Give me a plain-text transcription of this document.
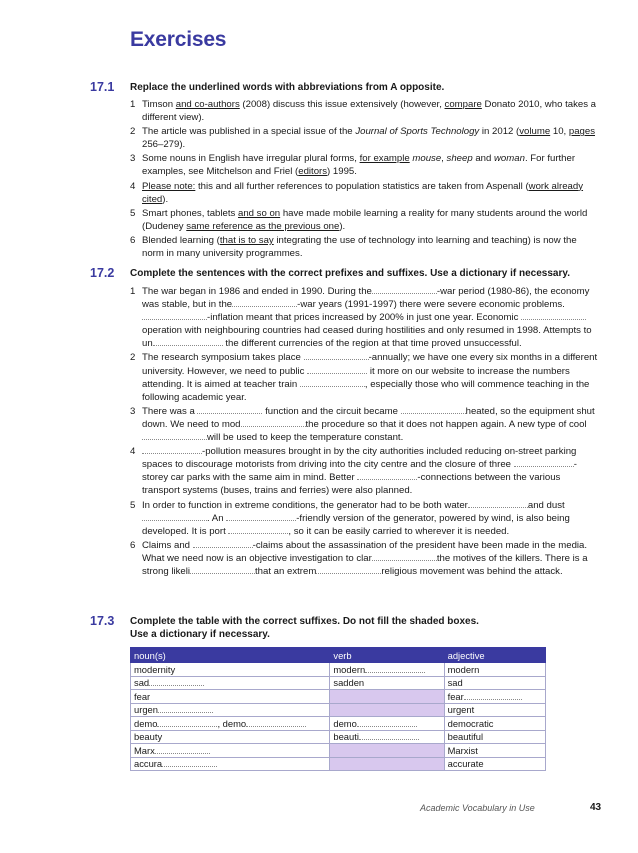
Exercises
17.1 Replace the underlined words with abbreviations from A opposite.
1 Timson and co-authors (2008) discuss this issue extensively (however, compare Donato 2010, who takes a different view).
2 The article was published in a special issue of the Journal of Sports Technology in 2012 (volume 10, pages 256–279).
3 Some nouns in English have irregular plural forms, for example mouse, sheep and woman. For further examples, see Mitchelson and Friel (editors) 1995.
4 Please note: this and all further references to population statistics are taken from Aspenall (work already cited).
5 Smart phones, tablets and so on have made mobile learning a reality for many students around the world (Dudeney same reference as the previous one).
6 Blended learning (that is to say integrating the use of technology into learning and teaching) is now the norm in many university programmes.
17.2 Complete the sentences with the correct prefixes and suffixes. Use a dictionary if necessary.
1 The war began in 1986 and ended in 1990. During the	-war period (1980-86), the economy was stable, but in the	-war years (1991-1997) there were severe economic problems.-inflation meant that prices increased by 200% in just one year. Economic  operation with neighbouring countries had ceased during hostilities and only resumed in 1998. Attempts to un	the different currencies of the region at that time proved unsuccessful.
2 The research symposium takes place	-annually; we have one every six months in a different university. However, we need to public	it more on our website to increase the numbers attending. It is aimed at teacher train	, especially those who will commence teaching in the following academic year.
3 There was a	function and the circuit became	heated, so the equipment shut down. We need to mod	the procedure so that it does not happen again. A new type of cool will be used to keep the temperature constant.
4	-pollution measures brought in by the city authorities included reducing on-street parking spaces to discourage motorists from driving into the city centre and the closure of three	-storey car parks with the same aim in mind. Better	-connections between the various transport systems (buses, trains and ferries) were also planned.
5 In order to function in extreme conditions, the generator had to be both water	and dust. An	-friendly version of the generator, powered by wind, is also being developed. It is port	, so it can be easily carried to wherever it is needed.
6 Claims and	-claims about the assassination of the president have been made in the media. What we need now is an objective investigation to clar	the motives of the killers. There is a strong likeli	that an extrem	religious movement was behind the attack.
17.3 Complete the table with the correct suffixes. Do not fill the shaded boxes.
Use a dictionary if necessary.
noun(s)	verb	adjective
modernity	modern	modern
sad	sadden	sad
fear		fear
urgen		urgent
demo , demo	demo	democratic
beauty	beauti	beautiful
Marx		Marxist
accura		accurate
Academic Vocabulary in Use	43
